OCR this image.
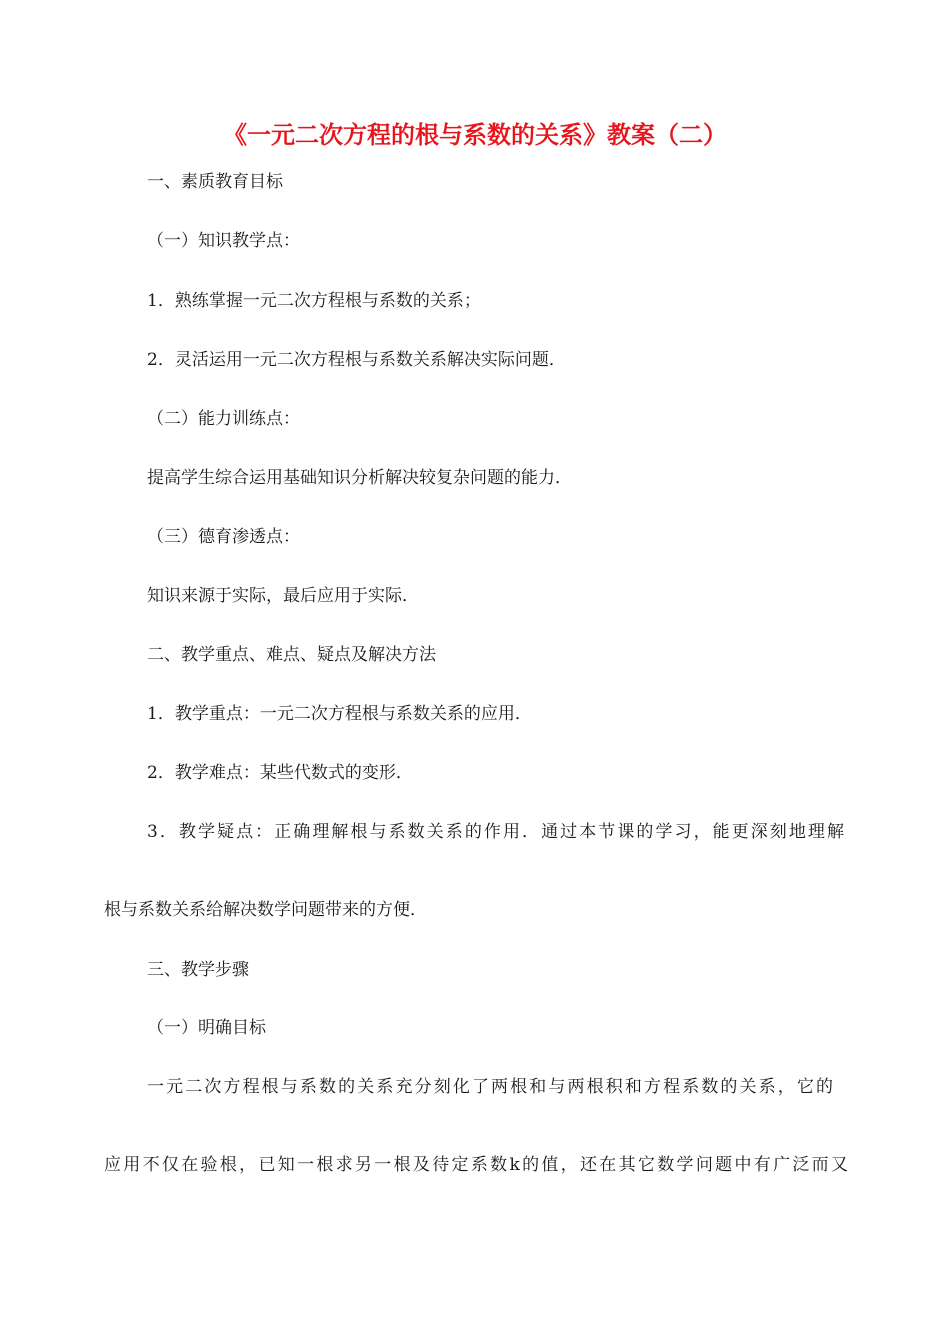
《一元二次方程的根与系数的关系》教案（二）
一、素质教育目标
（一）知识教学点：
1．熟练掌握一元二次方程根与系数的关系；
2．灵活运用一元二次方程根与系数关系解决实际问题．
（二）能力训练点：
提高学生综合运用基础知识分析解决较复杂问题的能力．
（三）德育渗透点：
知识来源于实际，最后应用于实际．
二、教学重点、难点、疑点及解决方法
1．教学重点：一元二次方程根与系数关系的应用．
2．教学难点：某些代数式的变形．
3．教学疑点：正确理解根与系数关系的作用．通过本节课的学习，能更深刻地理解
根与系数关系给解决数学问题带来的方便．
三、教学步骤
（一）明确目标
一元二次方程根与系数的关系充分刻化了两根和与两根积和方程系数的关系，它的
应用不仅在验根，已知一根求另一根及待定系数k的值，还在其它数学问题中有广泛而又
